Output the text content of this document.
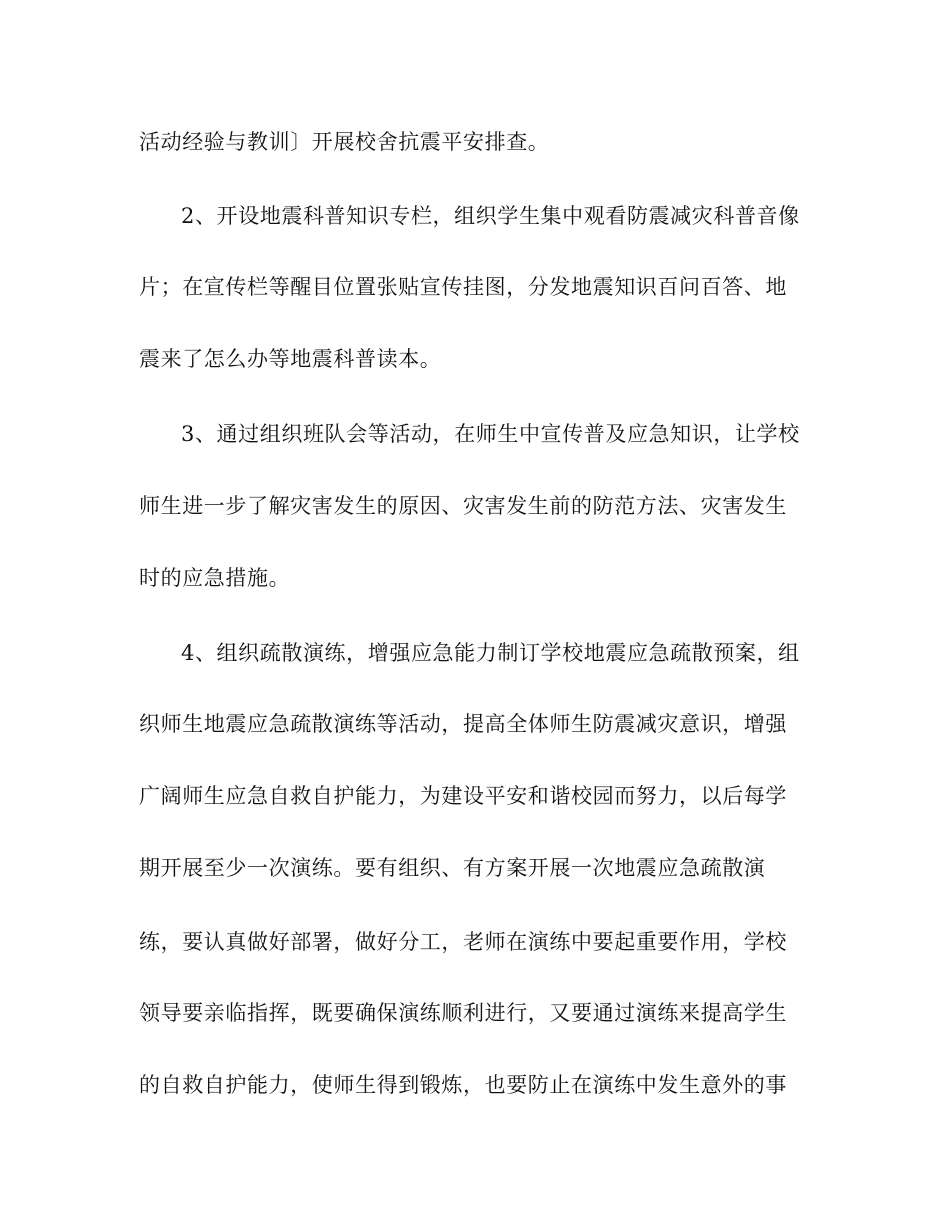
活动经验与教训〕开展校舍抗震平安排查。
2、开设地震科普知识专栏，组织学生集中观看防震减灾科普音像
片；在宣传栏等醒目位置张贴宣传挂图，分发地震知识百问百答、地
震来了怎么办等地震科普读本。
3、通过组织班队会等活动，在师生中宣传普及应急知识，让学校
师生进一步了解灾害发生的原因、灾害发生前的防范方法、灾害发生
时的应急措施。
4、组织疏散演练，增强应急能力制订学校地震应急疏散预案，组
织师生地震应急疏散演练等活动，提高全体师生防震减灾意识，增强
广阔师生应急自救自护能力，为建设平安和谐校园而努力，以后每学
期开展至少一次演练。要有组织、有方案开展一次地震应急疏散演
练，要认真做好部署，做好分工，老师在演练中要起重要作用，学校
领导要亲临指挥，既要确保演练顺利进行，又要通过演练来提高学生
的自救自护能力，使师生得到锻炼，也要防止在演练中发生意外的事
